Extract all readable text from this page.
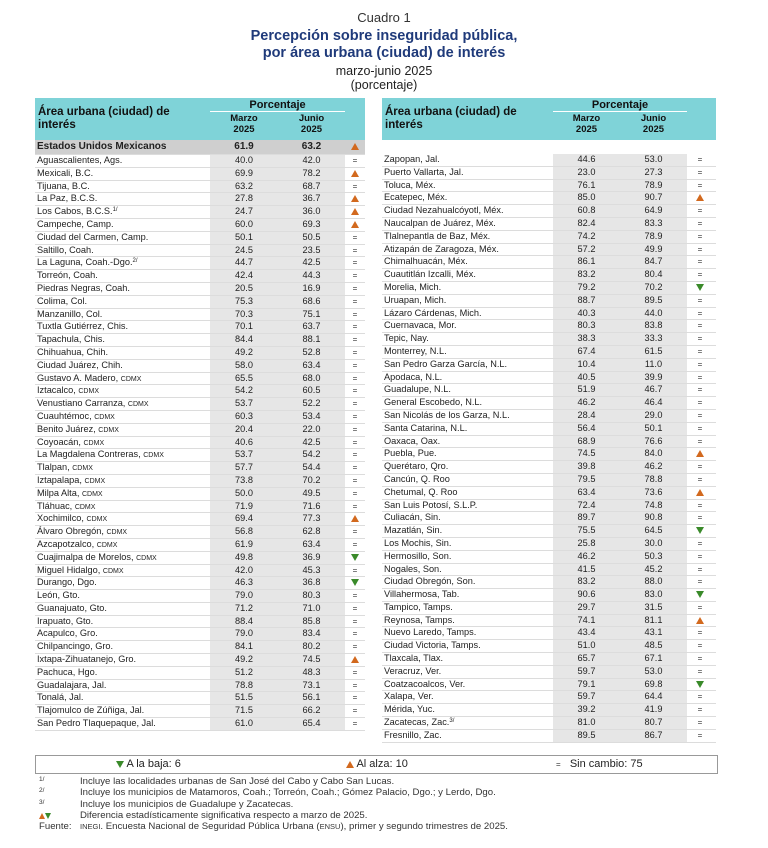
Cuadro 1
Percepción sobre inseguridad pública,
por área urbana (ciudad) de interés
marzo-junio 2025
(porcentaje)
Área urbana (ciudad) de
interés
Porcentaje
Marzo
2025
Junio
2025
Estados Unidos Mexicanos	61.9	63.2
Aguascalientes, Ags.	40.0	42.0	=
Mexicali, B.C.	69.9	78.2
Tijuana, B.C.	63.2	68.7	=
La Paz, B.C.S.	27.8	36.7
Los Cabos, B.C.S.$^{1/}$	24.7	36.0
Campeche, Camp.	60.0	69.3
Ciudad del Carmen, Camp.	50.1	50.5	=
Saltillo, Coah.	24.5	23.5	=
La Laguna, Coah.-Dgo.$^{2/}$	44.7	42.5	=
Torreón, Coah.	42.4	44.3	=
Piedras Negras, Coah.	20.5	16.9	=
Colima, Col.	75.3	68.6	=
Manzanillo, Col.	70.3	75.1	=
Tuxtla Gutiérrez, Chis.	70.1	63.7	=
Tapachula, Chis.	84.4	88.1	=
Chihuahua, Chih.	49.2	52.8	=
Ciudad Juárez, Chih.	58.0	63.4	=
Gustavo A. Madero, CDMX	65.5	68.0	=
Iztacalco, CDMX	54.2	60.5	=
Venustiano Carranza, CDMX	53.7	52.2	=
Cuauhtémoc, CDMX	60.3	53.4	=
Benito Juárez, CDMX	20.4	22.0	=
Coyoacán, CDMX	40.6	42.5	=
La Magdalena Contreras, CDMX	53.7	54.2	=
Tlalpan, CDMX	57.7	54.4	=
Iztapalapa, CDMX	73.8	70.2	=
Milpa Alta, CDMX	50.0	49.5	=
Tláhuac, CDMX	71.9	71.6	=
Xochimilco, CDMX	69.4	77.3
Álvaro Obregón, CDMX	56.8	62.8	=
Azcapotzalco, CDMX	61.9	63.4	=
Cuajimalpa de Morelos, CDMX	49.8	36.9
Miguel Hidalgo, CDMX	42.0	45.3	=
Durango, Dgo.	46.3	36.8
León, Gto.	79.0	80.3	=
Guanajuato, Gto.	71.2	71.0	=
Irapuato, Gto.	88.4	85.8	=
Acapulco, Gro.	79.0	83.4	=
Chilpancingo, Gro.	84.1	80.2	=
Ixtapa-Zihuatanejo, Gro.	49.2	74.5
Pachuca, Hgo.	51.2	48.3	=
Guadalajara, Jal.	78.8	73.1	=
Tonalá, Jal.	51.5	56.1	=
Tlajomulco de Zúñiga, Jal.	71.5	66.2	=
San Pedro Tlaquepaque, Jal.	61.0	65.4	=
Área urbana (ciudad) de
interés
Porcentaje
Marzo
2025
Junio
2025
Zapopan, Jal.	44.6	53.0	=
Puerto Vallarta, Jal.	23.0	27.3	=
Toluca, Méx.	76.1	78.9	=
Ecatepec, Méx.	85.0	90.7
Ciudad Nezahualcóyotl, Méx.	60.8	64.9	=
Naucalpan de Juárez, Méx.	82.4	83.3	=
Tlalnepantla de Baz, Méx.	74.2	78.9	=
Atizapán de Zaragoza, Méx.	57.2	49.9	=
Chimalhuacán, Méx.	86.1	84.7	=
Cuautitlán Izcalli, Méx.	83.2	80.4	=
Morelia, Mich.	79.2	70.2
Uruapan, Mich.	88.7	89.5	=
Lázaro Cárdenas, Mich.	40.3	44.0	=
Cuernavaca, Mor.	80.3	83.8	=
Tepic, Nay.	38.3	33.3	=
Monterrey, N.L.	67.4	61.5	=
San Pedro Garza García, N.L.	10.4	11.0	=
Apodaca, N.L.	40.5	39.9	=
Guadalupe, N.L.	51.9	46.7	=
General Escobedo, N.L.	46.2	46.4	=
San Nicolás de los Garza, N.L.	28.4	29.0	=
Santa Catarina, N.L.	56.4	50.1	=
Oaxaca, Oax.	68.9	76.6	=
Puebla, Pue.	74.5	84.0
Querétaro, Qro.	39.8	46.2	=
Cancún, Q. Roo	79.5	78.8	=
Chetumal, Q. Roo	63.4	73.6
San Luis Potosí, S.L.P.	72.4	74.8	=
Culiacán, Sin.	89.7	90.8	=
Mazatlán, Sin.	75.5	64.5
Los Mochis, Sin.	25.8	30.0	=
Hermosillo, Son.	46.2	50.3	=
Nogales, Son.	41.5	45.2	=
Ciudad Obregón, Son.	83.2	88.0	=
Villahermosa, Tab.	90.6	83.0
Tampico, Tamps.	29.7	31.5	=
Reynosa, Tamps.	74.1	81.1
Nuevo Laredo, Tamps.	43.4	43.1	=
Ciudad Victoria, Tamps.	51.0	48.5	=
Tlaxcala, Tlax.	65.7	67.1	=
Veracruz, Ver.	59.7	53.0	=
Coatzacoalcos, Ver.	79.1	69.8
Xalapa, Ver.	59.7	64.4	=
Mérida, Yuc.	39.2	41.9	=
Zacatecas, Zac.$^{3/}$	81.0	80.7	=
Fresnillo, Zac.	89.5	86.7	=
A la baja: 6	Al alza: 10	= Sin cambio: 75
1/	Incluye las localidades urbanas de San José del Cabo y Cabo San Lucas.
2/	Incluye los municipios de Matamoros, Coah.; Torreón, Coah.; Gómez Palacio, Dgo.; y Lerdo, Dgo.
3/	Incluye los municipios de Guadalupe y Zacatecas.
Diferencia estadísticamente significativa respecto a marzo de 2025.
Fuente: INEGI. Encuesta Nacional de Seguridad Pública Urbana (ENSU), primer y segundo trimestres de 2025.
